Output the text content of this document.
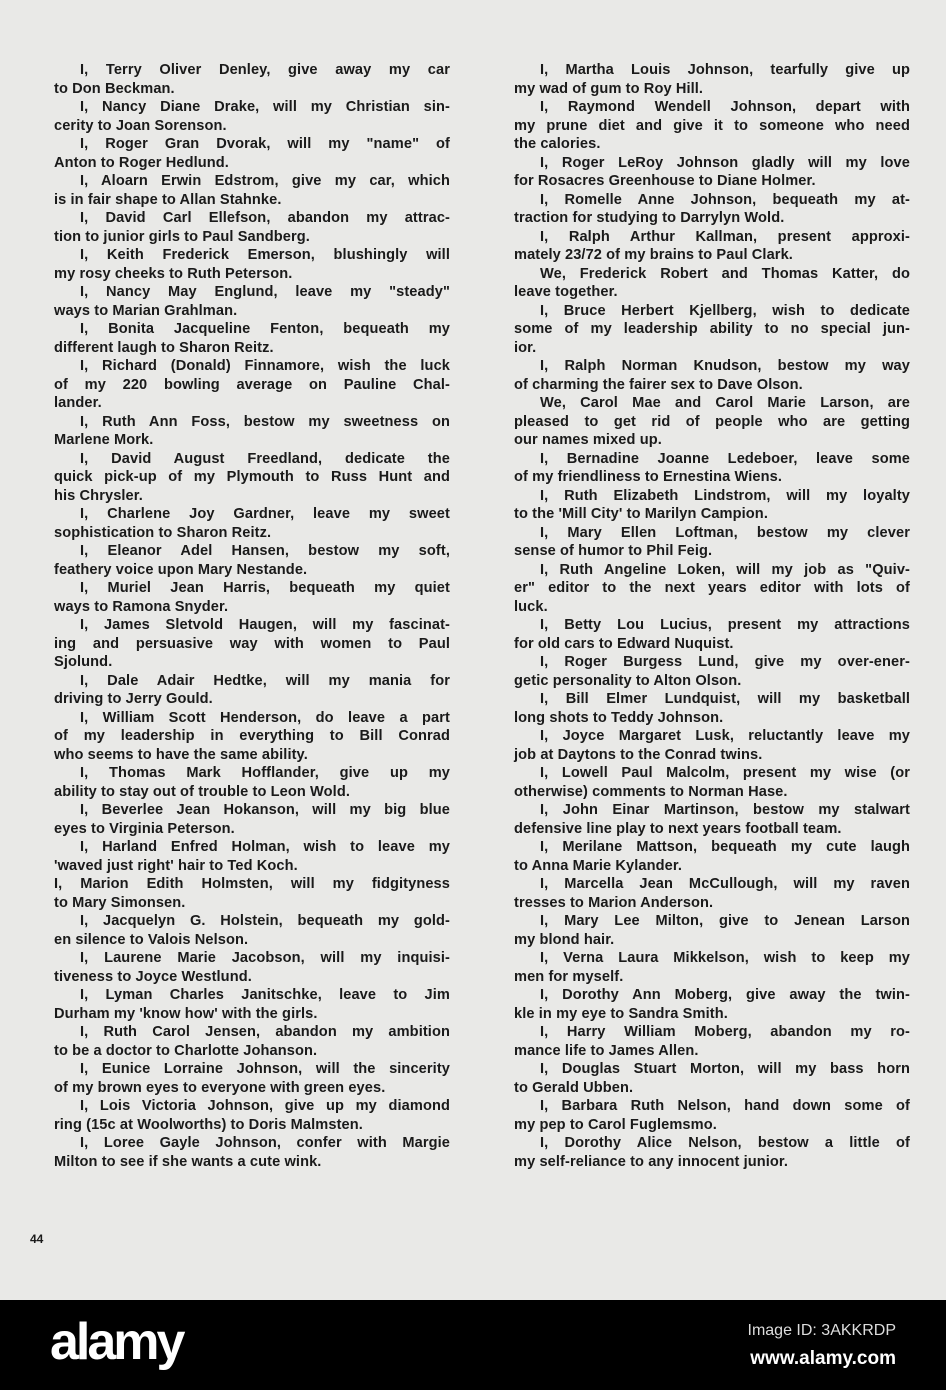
I, Terry Oliver Denley, give away my car
to Don Beckman.
I, Nancy Diane Drake, will my Christian sin-
cerity to Joan Sorenson.
I, Roger Gran Dvorak, will my "name" of
Anton to Roger Hedlund.
I, Aloarn Erwin Edstrom, give my car, which
is in fair shape to Allan Stahnke.
I, David Carl Ellefson, abandon my attrac-
tion to junior girls to Paul Sandberg.
I, Keith Frederick Emerson, blushingly will
my rosy cheeks to Ruth Peterson.
I, Nancy May Englund, leave my "steady"
ways to Marian Grahlman.
I, Bonita Jacqueline Fenton, bequeath my
different laugh to Sharon Reitz.
I, Richard (Donald) Finnamore, wish the luck
of my 220 bowling average on Pauline Chal-
lander.
I, Ruth Ann Foss, bestow my sweetness on
Marlene Mork.
I, David August Freedland, dedicate the
quick pick-up of my Plymouth to Russ Hunt and
his Chrysler.
I, Charlene Joy Gardner, leave my sweet
sophistication to Sharon Reitz.
I, Eleanor Adel Hansen, bestow my soft,
feathery voice upon Mary Nestande.
I, Muriel Jean Harris, bequeath my quiet
ways to Ramona Snyder.
I, James Sletvold Haugen, will my fascinat-
ing and persuasive way with women to Paul
Sjolund.
I, Dale Adair Hedtke, will my mania for
driving to Jerry Gould.
I, William Scott Henderson, do leave a part
of my leadership in everything to Bill Conrad
who seems to have the same ability.
I, Thomas Mark Hofflander, give up my
ability to stay out of trouble to Leon Wold.
I, Beverlee Jean Hokanson, will my big blue
eyes to Virginia Peterson.
I, Harland Enfred Holman, wish to leave my
'waved just right' hair to Ted Koch.
I, Marion Edith Holmsten, will my fidgityness
to Mary Simonsen.
I, Jacquelyn G. Holstein, bequeath my gold-
en silence to Valois Nelson.
I, Laurene Marie Jacobson, will my inquisi-
tiveness to Joyce Westlund.
I, Lyman Charles Janitschke, leave to Jim
Durham my 'know how' with the girls.
I, Ruth Carol Jensen, abandon my ambition
to be a doctor to Charlotte Johanson.
I, Eunice Lorraine Johnson, will the sincerity
of my brown eyes to everyone with green eyes.
I, Lois Victoria Johnson, give up my diamond
ring (15c at Woolworths) to Doris Malmsten.
I, Loree Gayle Johnson, confer with Margie
Milton to see if she wants a cute wink.
I, Martha Louis Johnson, tearfully give up
my wad of gum to Roy Hill.
I, Raymond Wendell Johnson, depart with
my prune diet and give it to someone who need
the calories.
I, Roger LeRoy Johnson gladly will my love
for Rosacres Greenhouse to Diane Holmer.
I, Romelle Anne Johnson, bequeath my at-
traction for studying to Darrylyn Wold.
I, Ralph Arthur Kallman, present approxi-
mately 23/72 of my brains to Paul Clark.
We, Frederick Robert and Thomas Katter, do
leave together.
I, Bruce Herbert Kjellberg, wish to dedicate
some of my leadership ability to no special jun-
ior.
I, Ralph Norman Knudson, bestow my way
of charming the fairer sex to Dave Olson.
We, Carol Mae and Carol Marie Larson, are
pleased to get rid of people who are getting
our names mixed up.
I, Bernadine Joanne Ledeboer, leave some
of my friendliness to Ernestina Wiens.
I, Ruth Elizabeth Lindstrom, will my loyalty
to the 'Mill City' to Marilyn Campion.
I, Mary Ellen Loftman, bestow my clever
sense of humor to Phil Feig.
I, Ruth Angeline Loken, will my job as "Quiv-
er" editor to the next years editor with lots of
luck.
I, Betty Lou Lucius, present my attractions
for old cars to Edward Nuquist.
I, Roger Burgess Lund, give my over-ener-
getic personality to Alton Olson.
I, Bill Elmer Lundquist, will my basketball
long shots to Teddy Johnson.
I, Joyce Margaret Lusk, reluctantly leave my
job at Daytons to the Conrad twins.
I, Lowell Paul Malcolm, present my wise (or
otherwise) comments to Norman Hase.
I, John Einar Martinson, bestow my stalwart
defensive line play to next years football team.
I, Merilane Mattson, bequeath my cute laugh
to Anna Marie Kylander.
I, Marcella Jean McCullough, will my raven
tresses to Marion Anderson.
I, Mary Lee Milton, give to Jenean Larson
my blond hair.
I, Verna Laura Mikkelson, wish to keep my
men for myself.
I, Dorothy Ann Moberg, give away the twin-
kle in my eye to Sandra Smith.
I, Harry William Moberg, abandon my ro-
mance life to James Allen.
I, Douglas Stuart Morton, will my bass horn
to Gerald Ubben.
I, Barbara Ruth Nelson, hand down some of
my pep to Carol Fuglemsmo.
I, Dorothy Alice Nelson, bestow a little of
my self-reliance to any innocent junior.
44
alamy	Image ID: 3AKKRDP
www.alamy.com
